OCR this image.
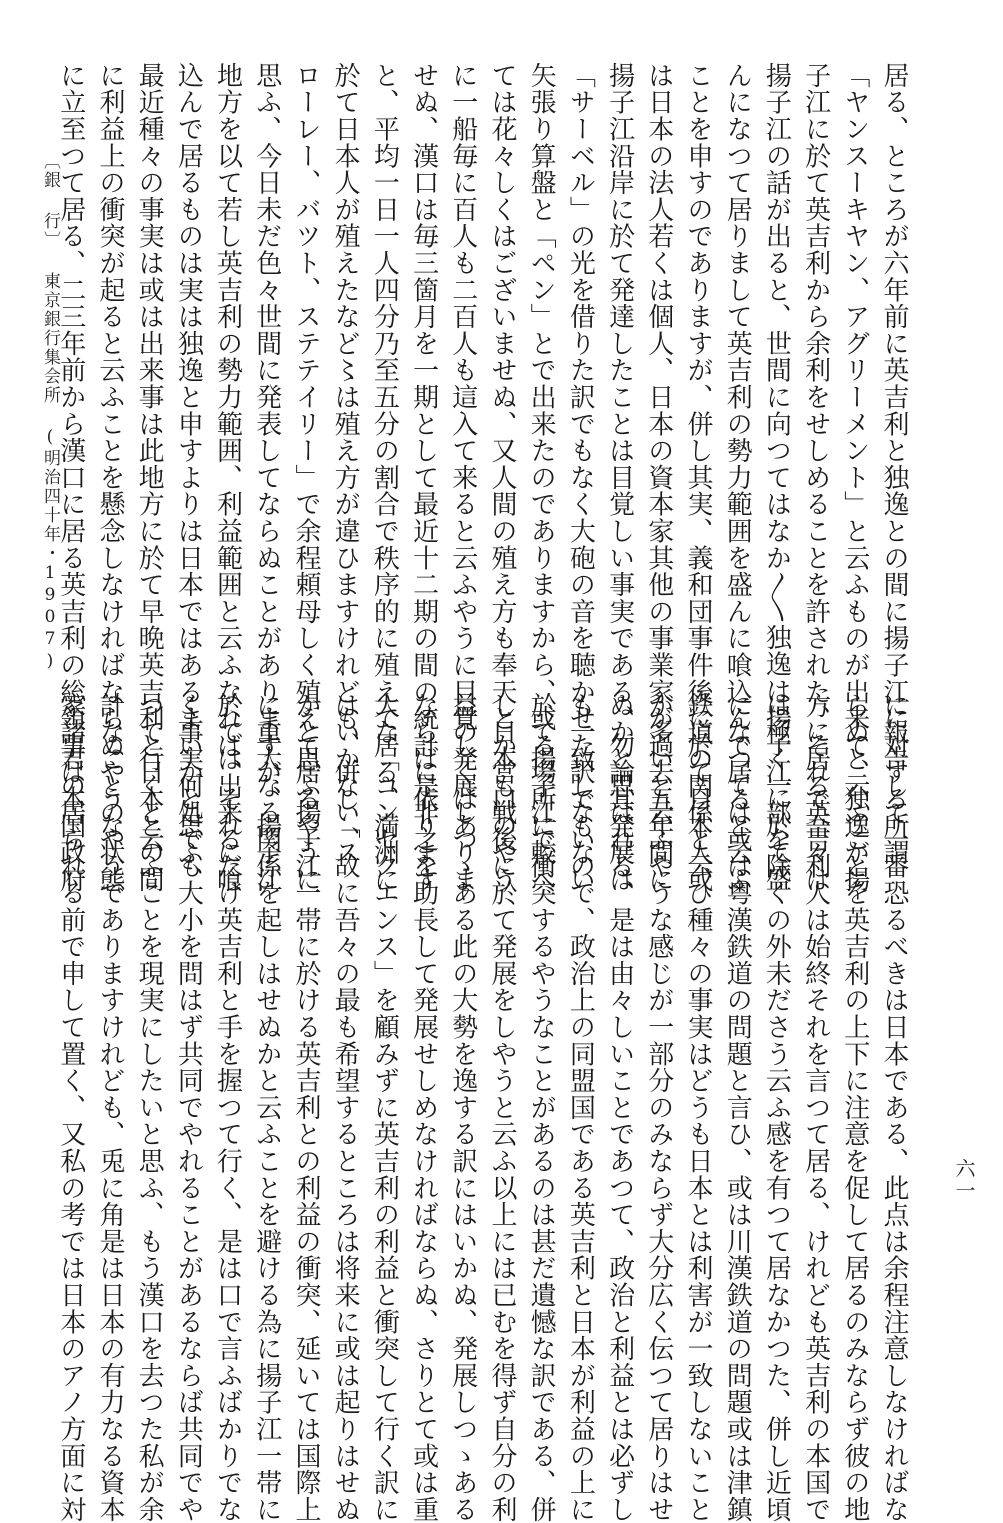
居る、ところが六年前に英吉利と独逸との間に揚子江に対する所謂
「ヤンスーキヤン、アグリーメント」と云ふものが出来て、独逸が揚
子江に於て英吉利から余利をせしめることを許された、それで吾々は
揚子江の話が出ると、世間に向つてはなか〳〵独逸は揚子江に於て盛
んになつて居りまして英吉利の勢力範囲を盛んに喰込んで居ると云ふ
ことを申すのでありますが、併し其実、義和団事件後に於て日本人或
は日本の法人若くは個人、日本の資本家其他の事業家が過去五年間に
揚子江沿岸に於て発達したことは目覚しい事実である、勿論其発展は
「サーベル」の光を借りた訳でもなく大砲の音を聴かせた訳でもない
矢張り算盤と「ペン」とで出来たのでありますから、或る場所に較べ
ては花々しくはございませぬ、又人間の殖え方も奉天とか営口のやう
に一船毎に百人も二百人も這入て来ると云ふやうに目覚しくはありま
せぬ、漢口は毎三箇月を一期として最近十二期の間の統計に依ります
と、平均一日一人四分乃至五分の割合で秩序的に殖えて居る、満洲に
於て日本人が殖えたなど〻は殖え方が違ひますけれども、併し「ス
ローレー、バツト、ステテイリー」で余程頼母しく殖えて居るやうに
思ふ、今日未だ色々世間に発表してならぬことがありますが、揚子江
地方を以て若し英吉利の勢力範囲、利益範囲と云ふなれば、それに喰
込んで居るものは実は独逸と申すよりは日本ではあるまいかと思ふ、
最近種々の事実は或は出来事は此地方に於て早晩英吉利と日本との間
に利益上の衝突が起ると云ふことを懸念しなければならぬやうな状態
に立至つて居る、二三年前から漢口に居る英吉利の総領事は本国政府
に報告して一番恐るべきは日本である、此点は余程注意しなければな
らぬと云ふことを英吉利の上下に注意を促して居るのみならず彼の地
方に居る英吉利人は始終それを言つて居る、けれども英吉利の本国で
は極く一部を除くの外未ださう云ふ感を有つて居なかつた、併し近頃
になつては或は粤漢鉄道の問題と言ひ、或は川漢鉄道の問題或は津鎮
鉄道の関係と云ひ種々の事実はどうも日本とは利害が一致しないこと
が多いと云ふやうな感じが一部分のみならず大分広く伝つて居りはせ
ぬかと思はれる、是は由々しいことであつて、政治と利益とは必ずし
も一致しないので、政治上の同盟国である英吉利と日本が利益の上に
於て揚子江で衝突するやうなことがあるのは甚だ遺憾な訳である、併
し日本も戦後に於て発展をしやうと云ふ以上には已むを得ず自分の利
益の発展しつゝある此の大勢を逸する訳にはいかぬ、発展しつゝある
ならば是非之を助長して発展せしめなければならぬ、さりとて或は重
大な「コンセクエンス」を顧みずに英吉利の利益と衝突して行く訳に
はいかない、故に吾々の最も希望するところは将来に或は起りはせぬ
かと思ふ揚子江一帯に於ける英吉利との利益の衝突、延いては国際上
に重大なる関係を起しはせぬかと云ふことを避ける為に揚子江一帯に
於ては出来るだけ英吉利と手を握つて行く、是は口で言ふばかりでな
く事実何処でも大小を問はず共同でやれることがあるならば共同でや
つて行くと云ふことを現実にしたいと思ふ、もう漢口を去つた私が余
計なことのやうでありますけれども、兎に角是は日本の有力なる資本
家諸君の居られる前で申して置く、又私の考では日本のアノ方面に対	六一
〔銀 行〕 東京銀行集会所 (明治四十年・1907)
